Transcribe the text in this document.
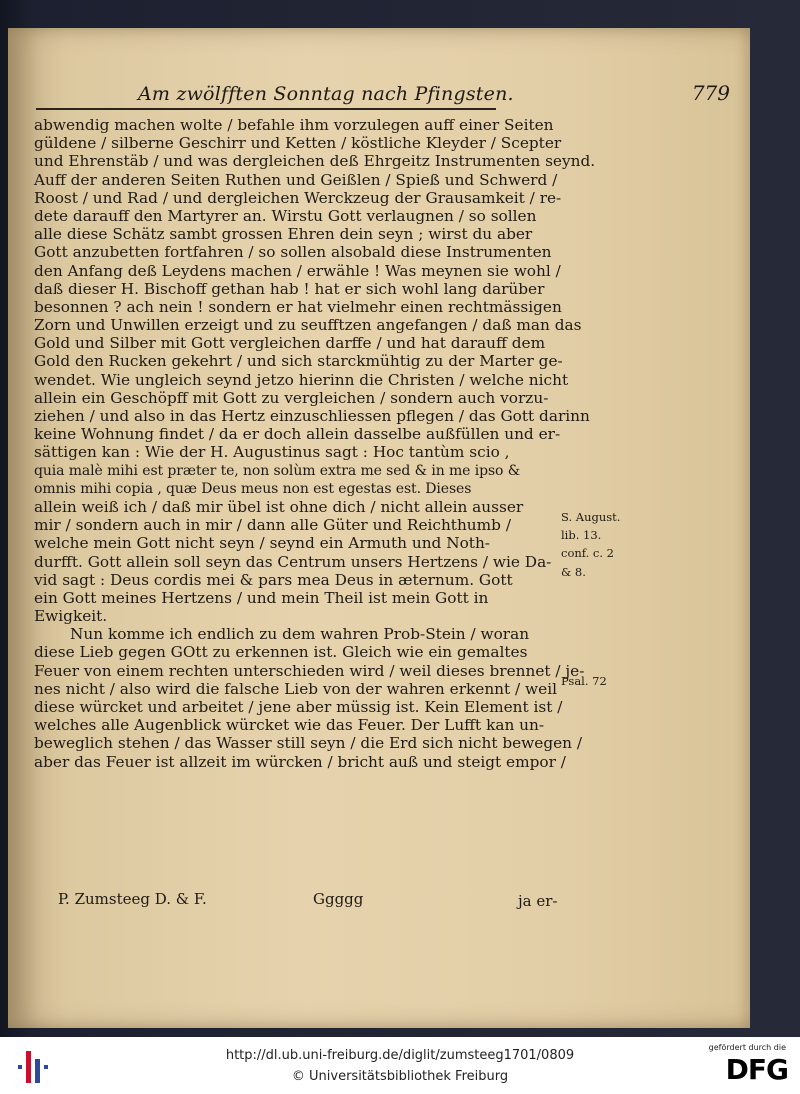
Am zwölfften Sonntag nach Pfingsten.	779
abwendig machen wolte / befahle ihm vorzulegen auff einer Seiten
güldene / silberne Geschirr und Ketten / köstliche Kleyder / Scepter
und Ehrenstäb / und was dergleichen deß Ehrgeitz Instrumenten seynd.
Auff der anderen Seiten Ruthen und Geißlen / Spieß und Schwerd /
Roost / und Rad / und dergleichen Werckzeug der Grausamkeit / re-
dete darauff den Martyrer an. Wirstu Gott verlaugnen / so sollen
alle diese Schätz sambt grossen Ehren dein seyn ; wirst du aber
Gott anzubetten fortfahren / so sollen alsobald diese Instrumenten
den Anfang deß Leydens machen / erwähle ! Was meynen sie wohl /
daß dieser H. Bischoff gethan hab ! hat er sich wohl lang darüber
besonnen ? ach nein ! sondern er hat vielmehr einen rechtmässigen
Zorn und Unwillen erzeigt und zu seufftzen angefangen / daß man das
Gold und Silber mit Gott vergleichen darffe / und hat darauff dem
Gold den Rucken gekehrt / und sich starckmühtig zu der Marter ge-
wendet. Wie ungleich seynd jetzo hierinn die Christen / welche nicht
allein ein Geschöpff mit Gott zu vergleichen / sondern auch vorzu-
ziehen / und also in das Hertz einzuschliessen pflegen / das Gott darinn
keine Wohnung findet / da er doch allein dasselbe außfüllen und er-
sättigen kan : Wie der H. Augustinus sagt : Hoc tantùm scio ,
quia malè mihi est præter te, non solùm extra me sed & in me ipso &
omnis mihi copia , quæ Deus meus non est egestas est. Dieses
allein weiß ich / daß mir übel ist ohne dich / nicht allein ausser
mir / sondern auch in mir / dann alle Güter und Reichthumb /
welche mein Gott nicht seyn / seynd ein Armuth und Noth-
durfft. Gott allein soll seyn das Centrum unsers Hertzens / wie Da-
vid sagt : Deus cordis mei & pars mea Deus in æternum. Gott
ein Gott meines Hertzens / und mein Theil ist mein Gott in
Ewigkeit.
Nun komme ich endlich zu dem wahren Prob-Stein / woran
diese Lieb gegen GOtt zu erkennen ist. Gleich wie ein gemaltes
Feuer von einem rechten unterschieden wird / weil dieses brennet / je-
nes nicht / also wird die falsche Lieb von der wahren erkennt / weil
diese würcket und arbeitet / jene aber müssig ist. Kein Element ist /
welches alle Augenblick würcket wie das Feuer. Der Lufft kan un-
beweglich stehen / das Wasser still seyn / die Erd sich nicht bewegen /
aber das Feuer ist allzeit im würcken / bricht auß und steigt empor /
S. August.
lib. 13.
conf. c. 2
& 8.
Psal. 72
P. Zumsteeg D. & F.	Ggggg	ja er-
http://dl.ub.uni-freiburg.de/diglit/zumsteeg1701/0809
© Universitätsbibliothek Freiburg
gefördert durch die
DFG
